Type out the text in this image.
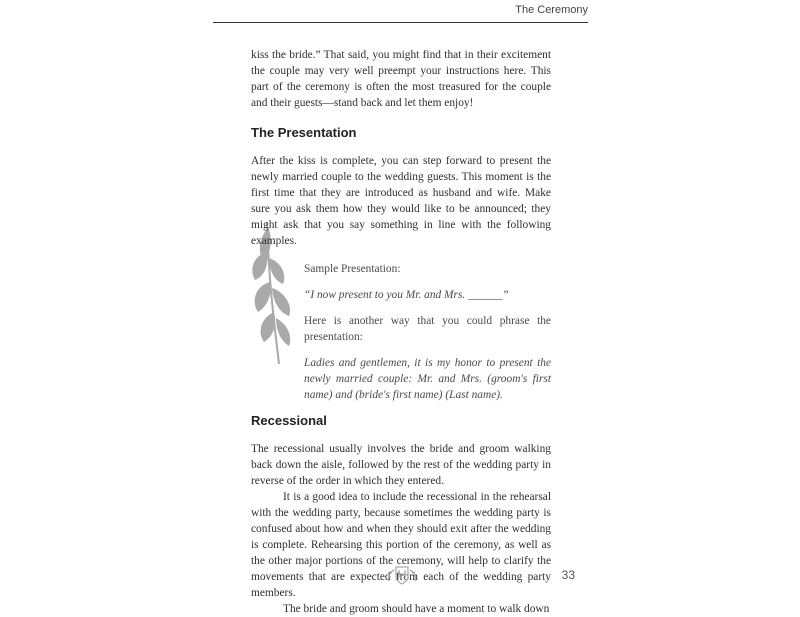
The Ceremony

kiss the bride.” That said, you might find that in their excitement the couple may very well preempt your instructions here. This part of the ceremony is often the most treasured for the couple and their guests—stand back and let them enjoy!

The Presentation

After the kiss is complete, you can step forward to present the newly married couple to the wedding guests. This moment is the first time that they are introduced as husband and wife. Make sure you ask them how they would like to be announced; they might ask that you say something in line with the following examples.

Sample Presentation:

“I now present to you Mr. and Mrs. ______”

Here is another way that you could phrase the presentation:

Ladies and gentlemen, it is my honor to present the newly married couple: Mr. and Mrs. (groom's first name) and (bride's first name) (Last name).

Recessional

The recessional usually involves the bride and groom walking back down the aisle, followed by the rest of the wedding party in reverse of the order in which they entered.

It is a good idea to include the recessional in the rehearsal with the wedding party, because sometimes the wedding party is confused about how and when they should exit after the wedding is complete. Rehearsing this portion of the ceremony, as well as the other major portions of the ceremony, will help to clarify the movements that are expected from each of the wedding party members.

The bride and groom should have a moment to walk down

33
